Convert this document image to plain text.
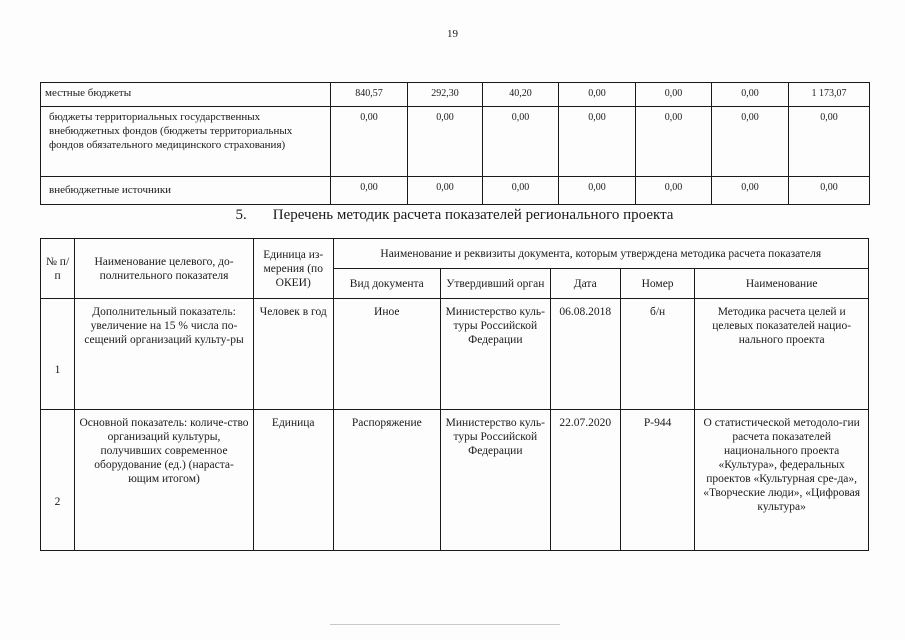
19
местные бюджеты	840,57	292,30	40,20	0,00	0,00	0,00	1 173,07
бюджеты территориальных государственных внебюджетных фондов (бюджеты территориальных фондов обязательного медицинского страхования)	0,00	0,00	0,00	0,00	0,00	0,00	0,00
внебюджетные источники	0,00	0,00	0,00	0,00	0,00	0,00	0,00
5. Перечень методик расчета показателей регионального проекта
№ п/п	Наименование целевого, до-полнительного показателя	Единица из-мерения (по ОКЕИ)	Наименование и реквизиты документа, которым утверждена методика расчета показателя				
			Вид документа	Утвердивший орган	Дата	Номер	Наименование
1	Дополнительный показатель: увеличение на 15 % числа по-сещений организаций культу-ры	Человек в год	Иное	Министерство куль-туры Российской Федерации	06.08.2018	б/н	Методика расчета целей и целевых показателей нацио-нального проекта
2	Основной показатель: количе-ство организаций культуры, получивших современное оборудование (ед.) (нараста-ющим итогом)	Единица	Распоряжение	Министерство куль-туры Российской Федерации	22.07.2020	Р-944	О статистической методоло-гии расчета показателей национального проекта «Культура», федеральных проектов «Культурная сре-да», «Творческие люди», «Цифровая культура»
